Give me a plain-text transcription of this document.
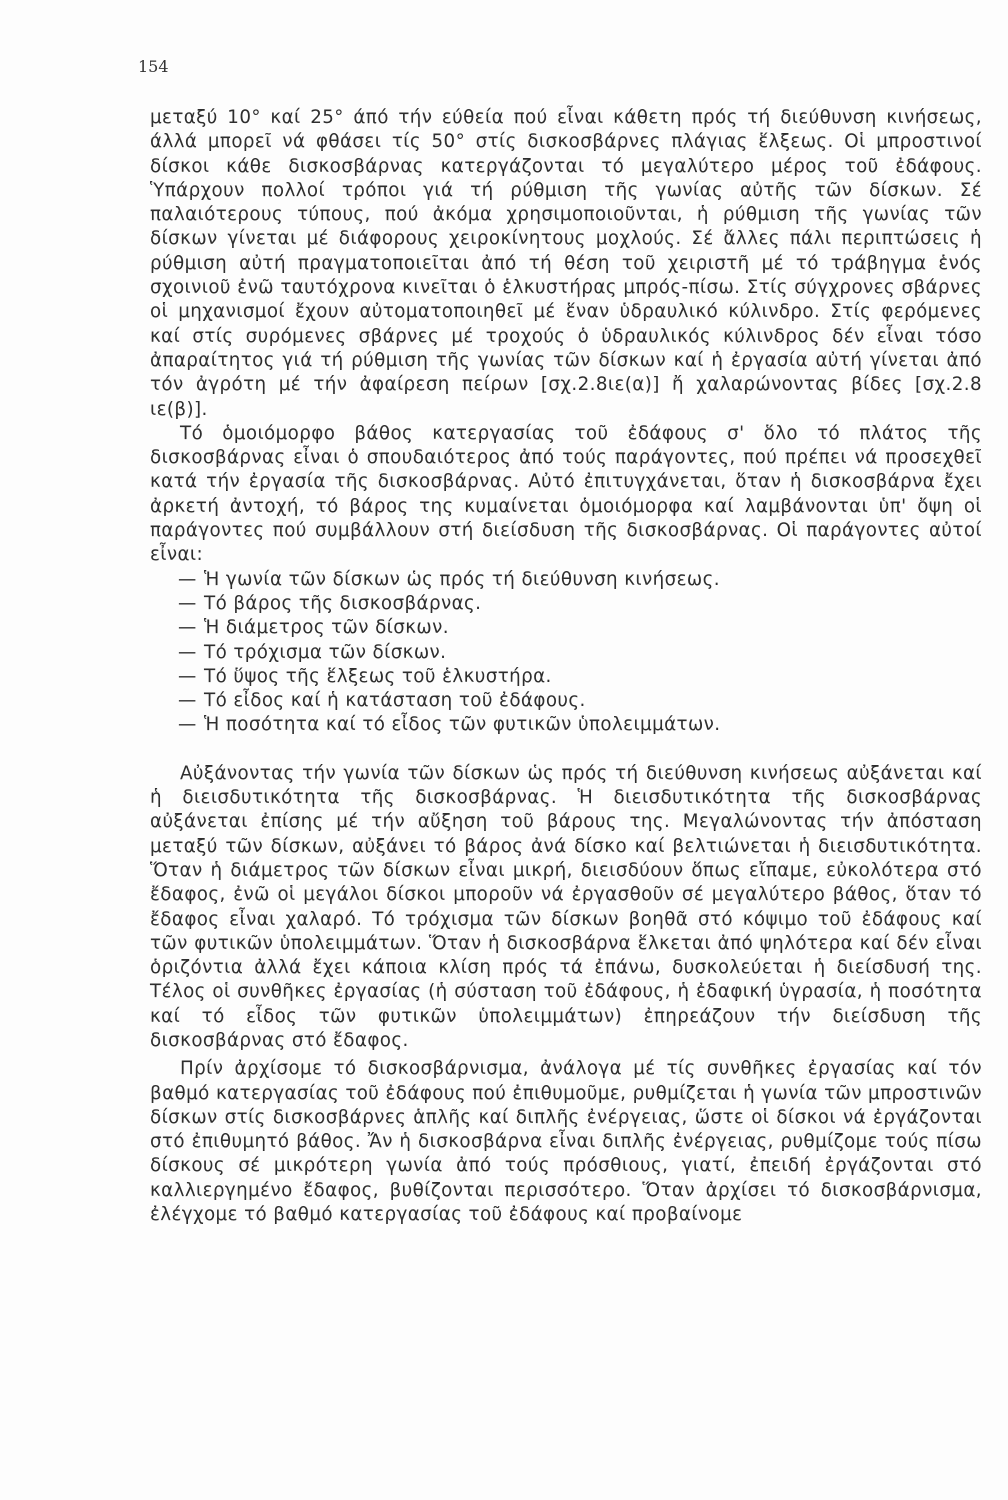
154

μεταξύ 10° καί 25° άπό τήν εύθεία πού εἶναι κάθετη πρός τή διεύθυνση κινήσεως, άλλά μπορεῖ νά φθάσει τίς 50° στίς δισκοσβάρνες πλάγιας ἕλξεως. Οἱ μπροστινοί δίσκοι κάθε δισκοσβάρνας κατεργάζονται τό μεγαλύτερο μέρος τοῦ ἐδάφους. Ὑπάρχουν πολλοί τρόποι γιά τή ρύθμιση τῆς γωνίας αὐτῆς τῶν δίσκων. Σέ παλαιότερους τύπους, πού ἀκόμα χρησιμοποιοῦνται, ἡ ρύθμιση τῆς γωνίας τῶν δίσκων γίνεται μέ διάφορους χειροκίνητους μοχλούς. Σέ ἄλλες πάλι περιπτώσεις ἡ ρύθμιση αὐτή πραγματοποιεῖται ἀπό τή θέση τοῦ χειριστῆ μέ τό τράβηγμα ἑνός σχοινιοῦ ἐνῶ ταυτόχρονα κινεῖται ὁ ἑλκυστήρας μπρός-πίσω. Στίς σύγχρονες σβάρνες οἱ μηχανισμοί ἔχουν αὐτοματοποιηθεῖ μέ ἕναν ὑδραυλικό κύλινδρο. Στίς φερόμενες καί στίς συρόμενες σβάρνες μέ τροχούς ὁ ὑδραυλικός κύλινδρος δέν εἶναι τόσο ἀπαραίτητος γιά τή ρύθμιση τῆς γωνίας τῶν δίσκων καί ἡ ἐργασία αὐτή γίνεται ἀπό τόν ἀγρότη μέ τήν ἀφαίρεση πείρων [σχ.2.8ιε(α)] ἤ χαλαρώνοντας βίδες [σχ.2.8 ιε(β)].

Τό ὁμοιόμορφο βάθος κατεργασίας τοῦ ἐδάφους σ' ὅλο τό πλάτος τῆς δισκοσβάρνας εἶναι ὁ σπουδαιότερος ἀπό τούς παράγοντες, πού πρέπει νά προσεχθεῖ κατά τήν ἐργασία τῆς δισκοσβάρνας. Αὐτό ἐπιτυγχάνεται, ὅταν ἡ δισκοσβάρνα ἔχει ἀρκετή ἀντοχή, τό βάρος της κυμαίνεται ὁμοιόμορφα καί λαμβάνονται ὑπ' ὄψη οἱ παράγοντες πού συμβάλλουν στή διείσδυση τῆς δισκοσβάρνας. Οἱ παράγοντες αὐτοί εἶναι:

— Ἡ γωνία τῶν δίσκων ὡς πρός τή διεύθυνση κινήσεως.
— Τό βάρος τῆς δισκοσβάρνας.
— Ἡ διάμετρος τῶν δίσκων.
— Τό τρόχισμα τῶν δίσκων.
— Τό ὕψος τῆς ἕλξεως τοῦ ἑλκυστήρα.
— Τό εἶδος καί ἡ κατάσταση τοῦ ἐδάφους.
— Ἡ ποσότητα καί τό εἶδος τῶν φυτικῶν ὑπολειμμάτων.

Αὐξάνοντας τήν γωνία τῶν δίσκων ὡς πρός τή διεύθυνση κινήσεως αὐξάνεται καί ἡ διεισδυτικότητα τῆς δισκοσβάρνας. Ἡ διεισδυτικότητα τῆς δισκοσβάρνας αὐξάνεται ἐπίσης μέ τήν αὔξηση τοῦ βάρους της. Μεγαλώνοντας τήν ἀπόσταση μεταξύ τῶν δίσκων, αὐξάνει τό βάρος ἀνά δίσκο καί βελτιώνεται ἡ διεισδυτικότητα. Ὅταν ἡ διάμετρος τῶν δίσκων εἶναι μικρή, διεισδύουν ὅπως εἴπαμε, εὐκολότερα στό ἔδαφος, ἐνῶ οἱ μεγάλοι δίσκοι μποροῦν νά ἐργασθοῦν σέ μεγαλύτερο βάθος, ὅταν τό ἔδαφος εἶναι χαλαρό. Τό τρόχισμα τῶν δίσκων βοηθᾶ στό κόψιμο τοῦ ἐδάφους καί τῶν φυτικῶν ὑπολειμμάτων. Ὅταν ἡ δισκοσβάρνα ἕλκεται ἀπό ψηλότερα καί δέν εἶναι ὁριζόντια ἀλλά ἔχει κάποια κλίση πρός τά ἐπάνω, δυσκολεύεται ἡ διείσδυσή της. Τέλος οἱ συνθῆκες ἐργασίας (ἡ σύσταση τοῦ ἐδάφους, ἡ ἐδαφική ὑγρασία, ἡ ποσότητα καί τό εἶδος τῶν φυτικῶν ὑπολειμμάτων) ἐπηρεάζουν τήν διείσδυση τῆς δισκοσβάρνας στό ἔδαφος.

Πρίν ἀρχίσομε τό δισκοσβάρνισμα, ἀνάλογα μέ τίς συνθῆκες ἐργασίας καί τόν βαθμό κατεργασίας τοῦ ἐδάφους πού ἐπιθυμοῦμε, ρυθμίζεται ἡ γωνία τῶν μπροστινῶν δίσκων στίς δισκοσβάρνες ἁπλῆς καί διπλῆς ἐνέργειας, ὥστε οἱ δίσκοι νά ἐργάζονται στό ἐπιθυμητό βάθος. Ἄν ἡ δισκοσβάρνα εἶναι διπλῆς ἐνέργειας, ρυθμίζομε τούς πίσω δίσκους σέ μικρότερη γωνία ἀπό τούς πρόσθιους, γιατί, ἐπειδή ἐργάζονται στό καλλιεργημένο ἔδαφος, βυθίζονται περισσότερο. Ὅταν ἀρχίσει τό δισκοσβάρνισμα, ἐλέγχομε τό βαθμό κατεργασίας τοῦ ἐδάφους καί προβαίνομε
